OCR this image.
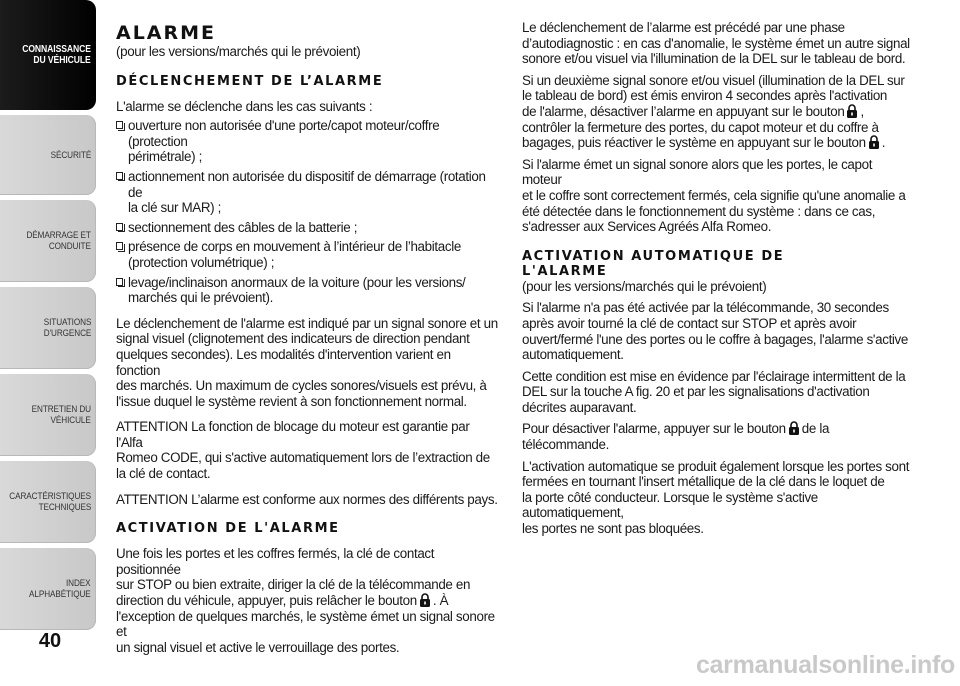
CONNAISSANCE
DU VÉHICULE
SÉCURITÉ
DÉMARRAGE ET
CONDUITE
SITUATIONS
D'URGENCE
ENTRETIEN DU
VÉHICULE
CARACTÉRISTIQUES
TECHNIQUES
INDEX
ALPHABÉTIQUE
40
ALARME

(pour les versions/marchés qui le prévoient)

DÉCLENCHEMENT DE L’ALARME

L'alarme se déclenche dans les cas suivants :

ouverture non autorisée d'une porte/capot moteur/coffre (protection

périmétrale) ;

actionnement non autorisée du dispositif de démarrage (rotation de

la clé sur MAR) ;

sectionnement des câbles de la batterie ;

présence de corps en mouvement à l’intérieur de l’habitacle

(protection volumétrique) ;

levage/inclinaison anormaux de la voiture (pour les versions/

marchés qui le prévoient).

Le déclenchement de l'alarme est indiqué par un signal sonore et un

signal visuel (clignotement des indicateurs de direction pendant

quelques secondes). Les modalités d'intervention varient en fonction

des marchés. Un maximum de cycles sonores/visuels est prévu, à

l'issue duquel le système revient à son fonctionnement normal.

ATTENTION La fonction de blocage du moteur est garantie par l'Alfa

Romeo CODE, qui s'active automatiquement lors de l’extraction de

la clé de contact.

ATTENTION L’alarme est conforme aux normes des différents pays.

ACTIVATION DE L'ALARME

Une fois les portes et les coffres fermés, la clé de contact positionnée

sur STOP ou bien extraite, diriger la clé de la télécommande en

direction du véhicule, appuyer, puis relâcher le bouton . À

l'exception de quelques marchés, le système émet un signal sonore et

un signal visuel et active le verrouillage des portes.

Le déclenchement de l’alarme est précédé par une phase

d’autodiagnostic : en cas d'anomalie, le système émet un autre signal

sonore et/ou visuel via l'illumination de la DEL sur le tableau de bord.

Si un deuxième signal sonore et/ou visuel (illumination de la DEL sur

le tableau de bord) est émis environ 4 secondes après l'activation

de l'alarme, désactiver l’alarme en appuyant sur le bouton ,

contrôler la fermeture des portes, du capot moteur et du coffre à

bagages, puis réactiver le système en appuyant sur le bouton .

Si l'alarme émet un signal sonore alors que les portes, le capot moteur

et le coffre sont correctement fermés, cela signifie qu'une anomalie a

été détectée dans le fonctionnement du système : dans ce cas,

s'adresser aux Services Agréés Alfa Romeo.

ACTIVATION AUTOMATIQUE DE
L'ALARME

(pour les versions/marchés qui le prévoient)

Si l'alarme n'a pas été activée par la télécommande, 30 secondes

après avoir tourné la clé de contact sur STOP et après avoir

ouvert/fermé l'une des portes ou le coffre à bagages, l'alarme s'active

automatiquement.

Cette condition est mise en évidence par l'éclairage intermittent de la

DEL sur la touche A fig. 20 et par les signalisations d'activation

décrites auparavant.

Pour désactiver l'alarme, appuyer sur le bouton de la

télécommande.

L'activation automatique se produit également lorsque les portes sont

fermées en tournant l'insert métallique de la clé dans le loquet de

la porte côté conducteur. Lorsque le système s'active automatiquement,

les portes ne sont pas bloquées.

carmanualsonline.info
